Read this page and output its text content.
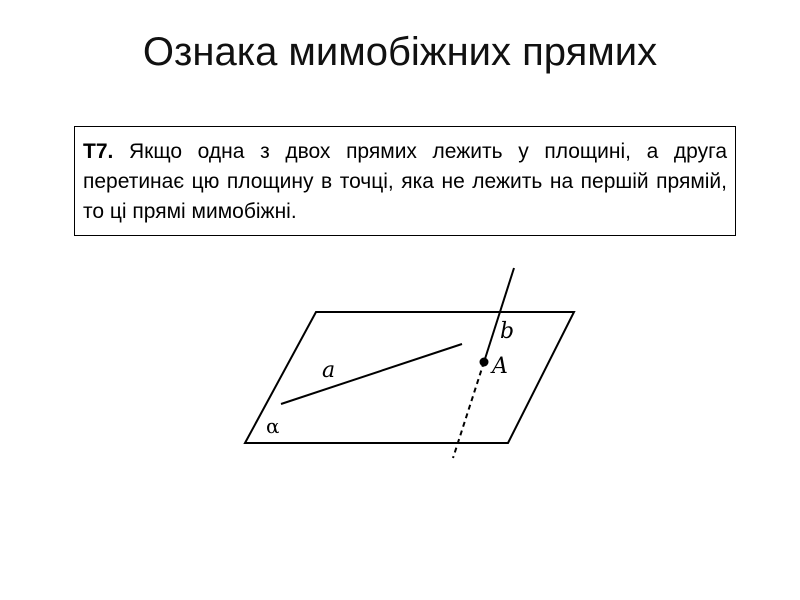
Ознака мимобіжних прямих
Т7. Якщо одна з двох прямих лежить у площині, а друга перетинає цю площину в точці, яка не лежить на першій прямій, то ці прямі мимобіжні.
a
b
A
α
